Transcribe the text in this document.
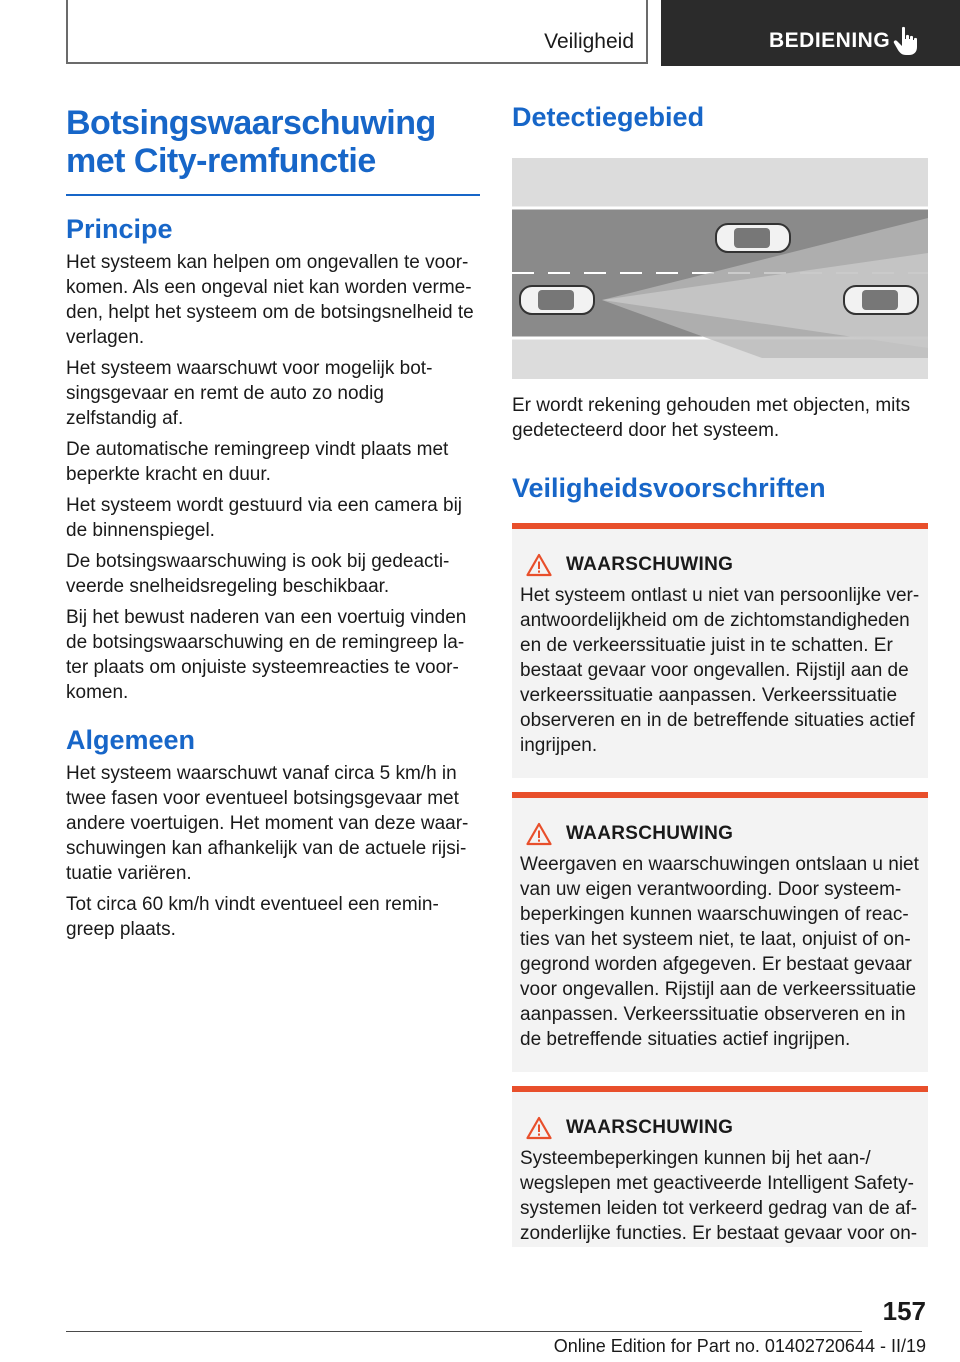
Veiligheid	BEDIENING
Botsingswaarschuwing
met City-remfunctie
Principe

Het systeem kan helpen om ongevallen te voor-komen. Als een ongeval niet kan worden verme-den, helpt het systeem om de botsingsnelheid te verlagen.

Het systeem waarschuwt voor mogelijk bot-singsgevaar en remt de auto zo nodig zelfstandig af.

De automatische remingreep vindt plaats met beperkte kracht en duur.

Het systeem wordt gestuurd via een camera bij de binnenspiegel.

De botsingswaarschuwing is ook bij gedeacti-veerde snelheidsregeling beschikbaar.

Bij het bewust naderen van een voertuig vinden de botsingswaarschuwing en de remingreep la-ter plaats om onjuiste systeemreacties te voor-komen.

Algemeen

Het systeem waarschuwt vanaf circa 5 km/h in twee fasen voor eventueel botsingsgevaar met andere voertuigen. Het moment van deze waar-schuwingen kan afhankelijk van de actuele rijsi-tuatie variëren.

Tot circa 60 km/h vindt eventueel een remin-greep plaats.

Detectiegebied

Er wordt rekening gehouden met objecten, mits gedetecteerd door het systeem.

Veiligheidsvoorschriften
WAARSCHUWING

Het systeem ontlast u niet van persoonlijke ver-antwoordelijkheid om de zichtomstandigheden en de verkeerssituatie juist in te schatten. Er bestaat gevaar voor ongevallen. Rijstijl aan de verkeerssituatie aanpassen. Verkeerssituatie observeren en in de betreffende situaties actief ingrijpen.

WAARSCHUWING

Weergaven en waarschuwingen ontslaan u niet van uw eigen verantwoording. Door systeem-beperkingen kunnen waarschuwingen of reac-ties van het systeem niet, te laat, onjuist of on-gegrond worden afgegeven. Er bestaat gevaar voor ongevallen. Rijstijl aan de verkeerssituatie aanpassen. Verkeerssituatie observeren en in de betreffende situaties actief ingrijpen.

WAARSCHUWING

Systeembeperkingen kunnen bij het aan-/ wegslepen met geactiveerde Intelligent Safety-systemen leiden tot verkeerd gedrag van de af-zonderlijke functies. Er bestaat gevaar voor on-

157
Online Edition for Part no. 01402720644 - II/19
